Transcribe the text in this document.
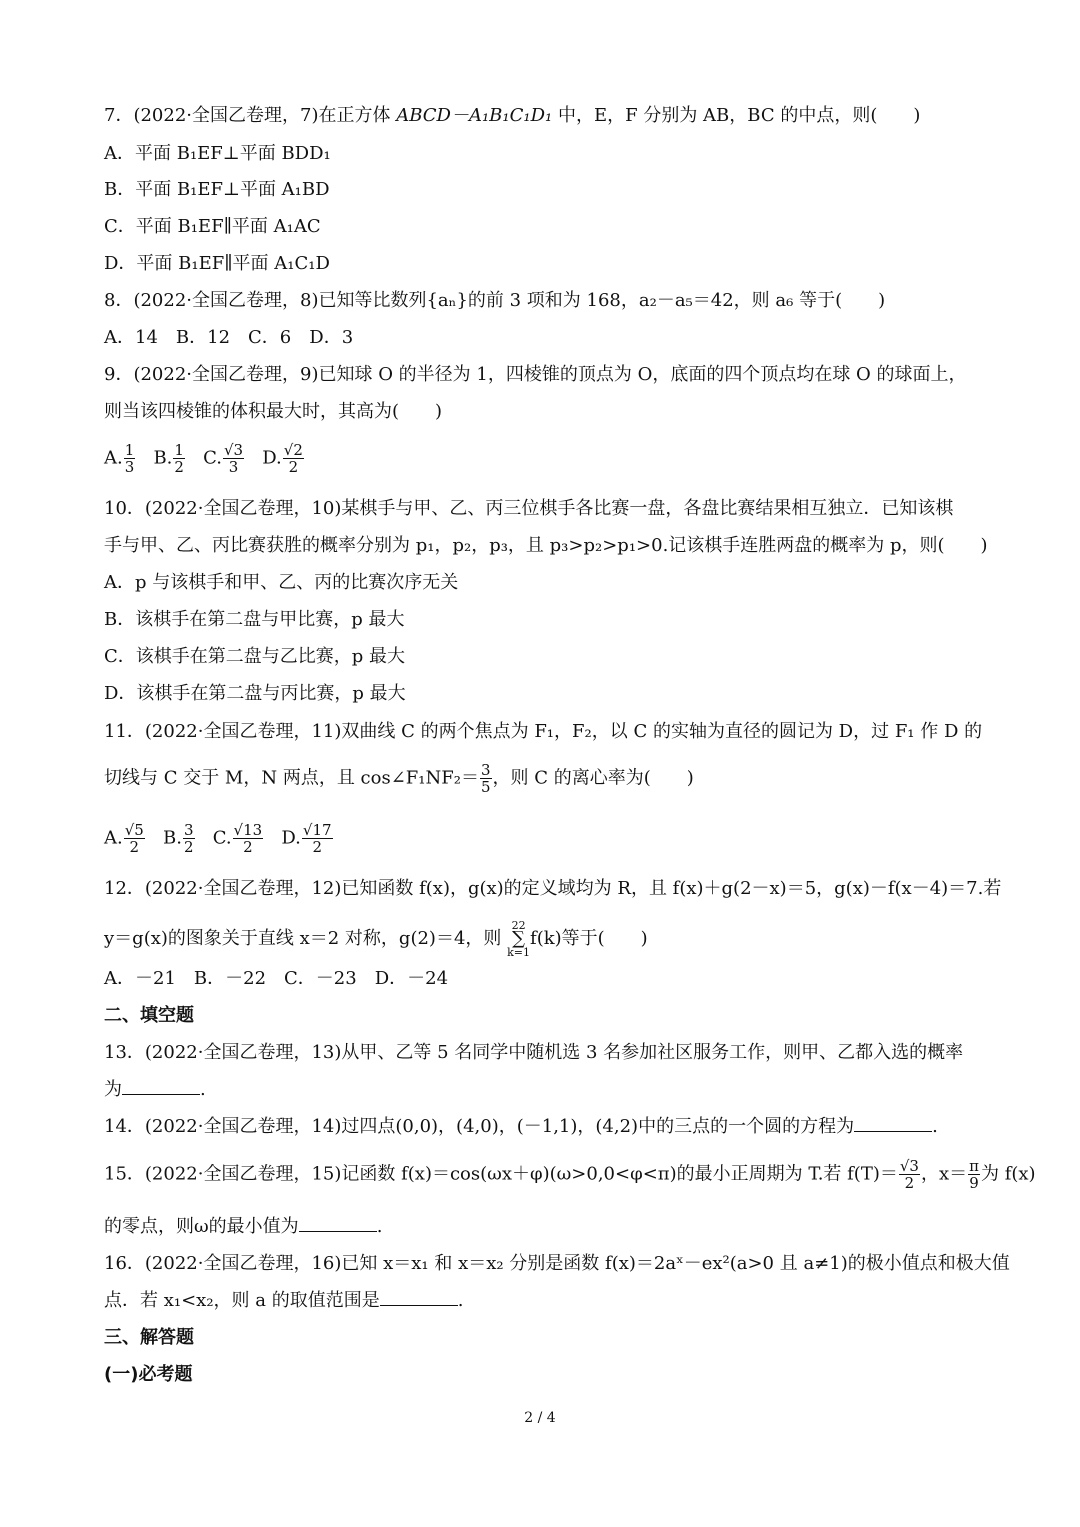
7．(2022·全国乙卷理，7)在正方体 ABCD－A₁B₁C₁D₁ 中，E，F 分别为 AB，BC 的中点，则(　　)
A．平面 B₁EF⊥平面 BDD₁
B．平面 B₁EF⊥平面 A₁BD
C．平面 B₁EF∥平面 A₁AC
D．平面 B₁EF∥平面 A₁C₁D
8．(2022·全国乙卷理，8)已知等比数列{aₙ}的前 3 项和为 168，a₂－a₅＝42，则 a₆ 等于(　　)
A．14　B．12　C．6　D．3
9．(2022·全国乙卷理，9)已知球 O 的半径为 1，四棱锥的顶点为 O，底面的四个顶点均在球 O 的球面上，
则当该四棱锥的体积最大时，其高为(　　)
A. $\frac{1}{3} B$. $\frac{1}{2} C$. $\frac{√3}{3} D$. $\frac{√2}{2}$
10．(2022·全国乙卷理，10)某棋手与甲、乙、丙三位棋手各比赛一盘，各盘比赛结果相互独立．已知该棋
手与甲、乙、丙比赛获胜的概率分别为 p₁，p₂，p₃，且 p₃>p₂>p₁>0.记该棋手连胜两盘的概率为 p，则(　　)
A．p 与该棋手和甲、乙、丙的比赛次序无关
B．该棋手在第二盘与甲比赛，p 最大
C．该棋手在第二盘与乙比赛，p 最大
D．该棋手在第二盘与丙比赛，p 最大
11．(2022·全国乙卷理，11)双曲线 C 的两个焦点为 F₁，F₂，以 C 的实轴为直径的圆记为 D，过 F₁ 作 D 的
切线与 C 交于 M，N 两点，且 cos∠F₁NF₂＝ $\frac{3}{5}$ ，则 C 的离心率为(　　)
A. $\frac{√5}{2} B$. $\frac{3}{2} C$. $\frac{√13}{2} D$. $\frac{√17}{2}$
12．(2022·全国乙卷理，12)已知函数 f(x)，g(x)的定义域均为 R，且 f(x)＋g(2－x)＝5，g(x)－f(x－4)＝7.若
y＝g(x)的图象关于直线 x＝2 对称，g(2)＝4，则 22
∑
k=1f(k)等于(　　)
A．－21　B．－22　C．－23　D．－24
二、填空题
13．(2022·全国乙卷理，13)从甲、乙等 5 名同学中随机选 3 名参加社区服务工作，则甲、乙都入选的概率
为	.
14．(2022·全国乙卷理，14)过四点(0,0)，(4,0)，(－1,1)，(4,2)中的三点的一个圆的方程为	.
15．(2022·全国乙卷理，15)记函数 f(x)＝cos(ωx＋φ)(ω>0,0<φ<π)的最小正周期为 T.若 $f(T)= \frac{√3}{2}$ ，$x= \frac{\pi}{9}$ 为 f(x)
的零点，则ω的最小值为	.
16．(2022·全国乙卷理，16)已知 x＝x₁ 和 x＝x₂ 分别是函数 f(x)＝2aˣ－ex²(a>0 且 a≠1)的极小值点和极大值
点．若 x₁<x₂，则 a 的取值范围是	.
三、解答题
(一)必考题
2 / 4
